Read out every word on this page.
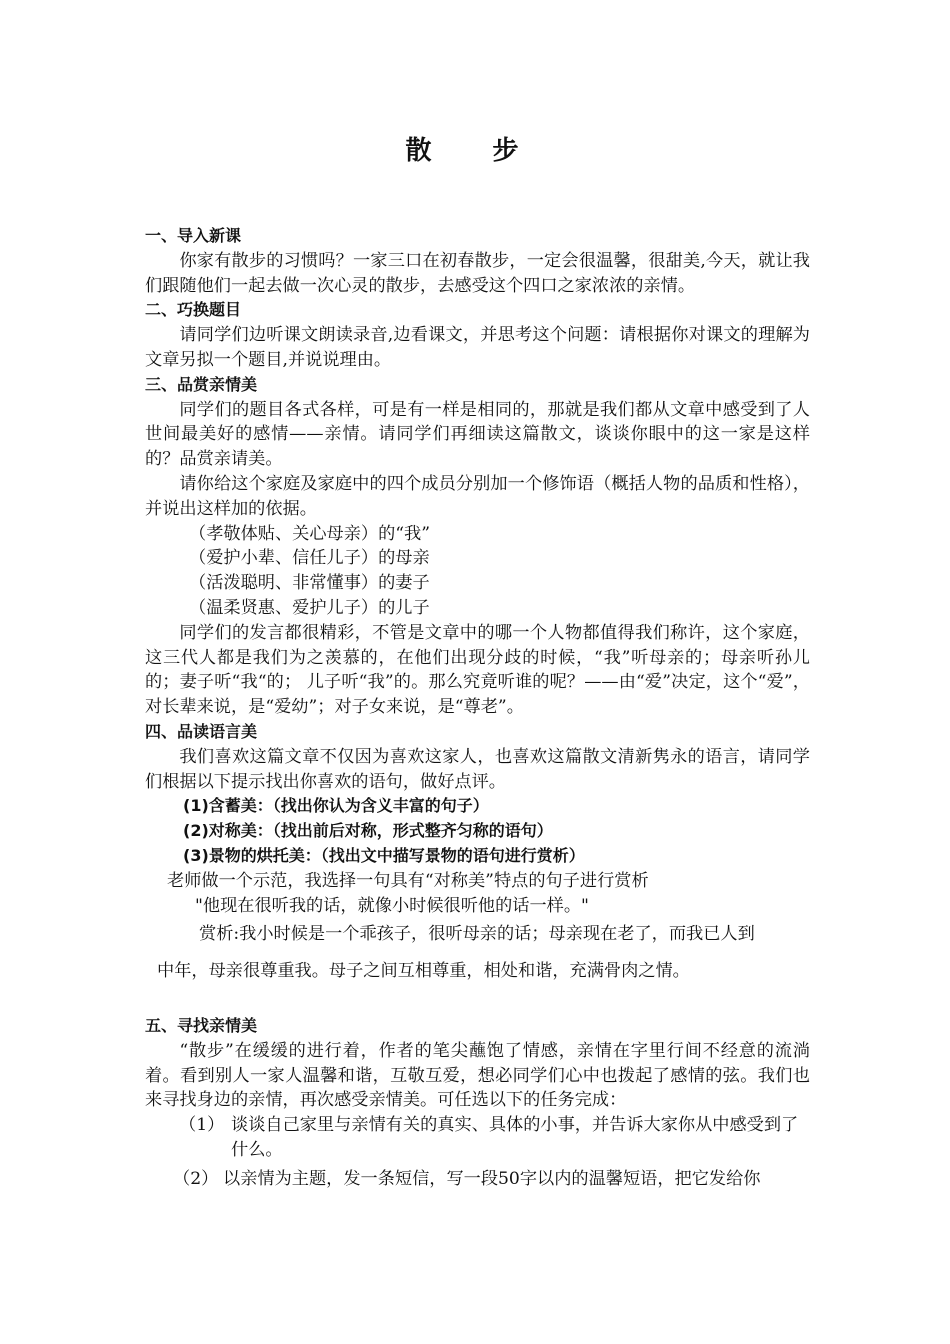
散 步
一、导入新课
你家有散步的习惯吗？一家三口在初春散步，一定会很温馨，很甜美,今天，就让我们跟随他们一起去做一次心灵的散步，去感受这个四口之家浓浓的亲情。
二、巧换题目
请同学们边听课文朗读录音,边看课文，并思考这个问题：请根据你对课文的理解为文章另拟一个题目,并说说理由。
三、品赏亲情美
同学们的题目各式各样，可是有一样是相同的，那就是我们都从文章中感受到了人世间最美好的感情——亲情。请同学们再细读这篇散文，谈谈你眼中的这一家是这样的？品赏亲请美。
请你给这个家庭及家庭中的四个成员分别加一个修饰语（概括人物的品质和性格），并说出这样加的依据。
（孝敬体贴、关心母亲）的“我”
（爱护小辈、信任儿子）的母亲
（活泼聪明、非常懂事）的妻子
（温柔贤惠、爱护儿子）的儿子
同学们的发言都很精彩，不管是文章中的哪一个人物都值得我们称许，这个家庭，这三代人都是我们为之羡慕的，在他们出现分歧的时候，“我”听母亲的；母亲听孙儿的；妻子听“我“的； 儿子听“我”的。那么究竟听谁的呢？——由“爱”决定，这个“爱”，对长辈来说，是“爱幼”；对子女来说，是“尊老”。
四、品读语言美
我们喜欢这篇文章不仅因为喜欢这家人，也喜欢这篇散文清新隽永的语言，请同学们根据以下提示找出你喜欢的语句，做好点评。
(1)含蓄美：（找出你认为含义丰富的句子）
(2)对称美：（找出前后对称，形式整齐匀称的语句）
(3)景物的烘托美：（找出文中描写景物的语句进行赏析）
老师做一个示范，我选择一句具有“对称美”特点的句子进行赏析
"他现在很听我的话，就像小时候很听他的话一样。"
赏析:我小时候是一个乖孩子，很听母亲的话；母亲现在老了，而我已人到
中年，母亲很尊重我。母子之间互相尊重，相处和谐，充满骨肉之情。
五、寻找亲情美
“散步”在缓缓的进行着，作者的笔尖蘸饱了情感，亲情在字里行间不经意的流淌着。看到别人一家人温馨和谐，互敬互爱，想必同学们心中也拨起了感情的弦。我们也来寻找身边的亲情，再次感受亲情美。可任选以下的任务完成：
（1） 谈谈自己家里与亲情有关的真实、具体的小事，并告诉大家你从中感受到了什么。
（2） 以亲情为主题，发一条短信，写一段50字以内的温馨短语，把它发给你
